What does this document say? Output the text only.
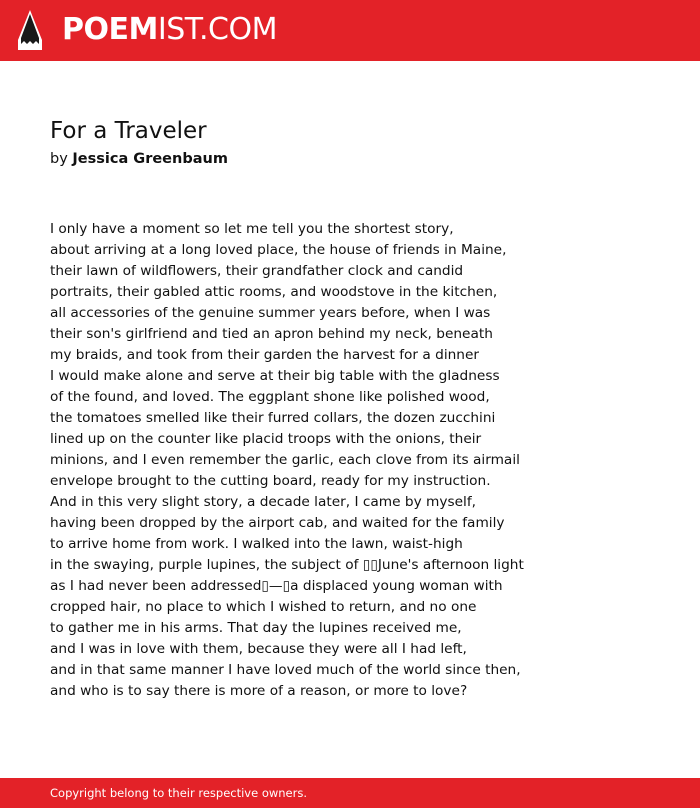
POEMIST.COM
For a Traveler
by Jessica Greenbaum
I only have a moment so let me tell you the shortest story,
about arriving at a long loved place, the house of friends in Maine,
their lawn of wildflowers, their grandfather clock and candid
portraits, their gabled attic rooms, and woodstove in the kitchen,
all accessories of the genuine summer years before, when I was
their son's girlfriend and tied an apron behind my neck, beneath
my braids, and took from their garden the harvest for a dinner
I would make alone and serve at their big table with the gladness
of the found, and loved. The eggplant shone like polished wood,
the tomatoes smelled like their furred collars, the dozen zucchini
lined up on the counter like placid troops with the onions, their
minions, and I even remember the garlic, each clove from its airmail
envelope brought to the cutting board, ready for my instruction.
And in this very slight story, a decade later, I came by myself,
having been dropped by the airport cab, and waited for the family
to arrive home from work. I walked into the lawn, waist-high
in the swaying, purple lupines, the subject of ▯▯June's afternoon light
as I had never been addressed▯—▯a displaced young woman with
cropped hair, no place to which I wished to return, and no one
to gather me in his arms. That day the lupines received me,
and I was in love with them, because they were all I had left,
and in that same manner I have loved much of the world since then,
and who is to say there is more of a reason, or more to love?
Copyright belong to their respective owners.
